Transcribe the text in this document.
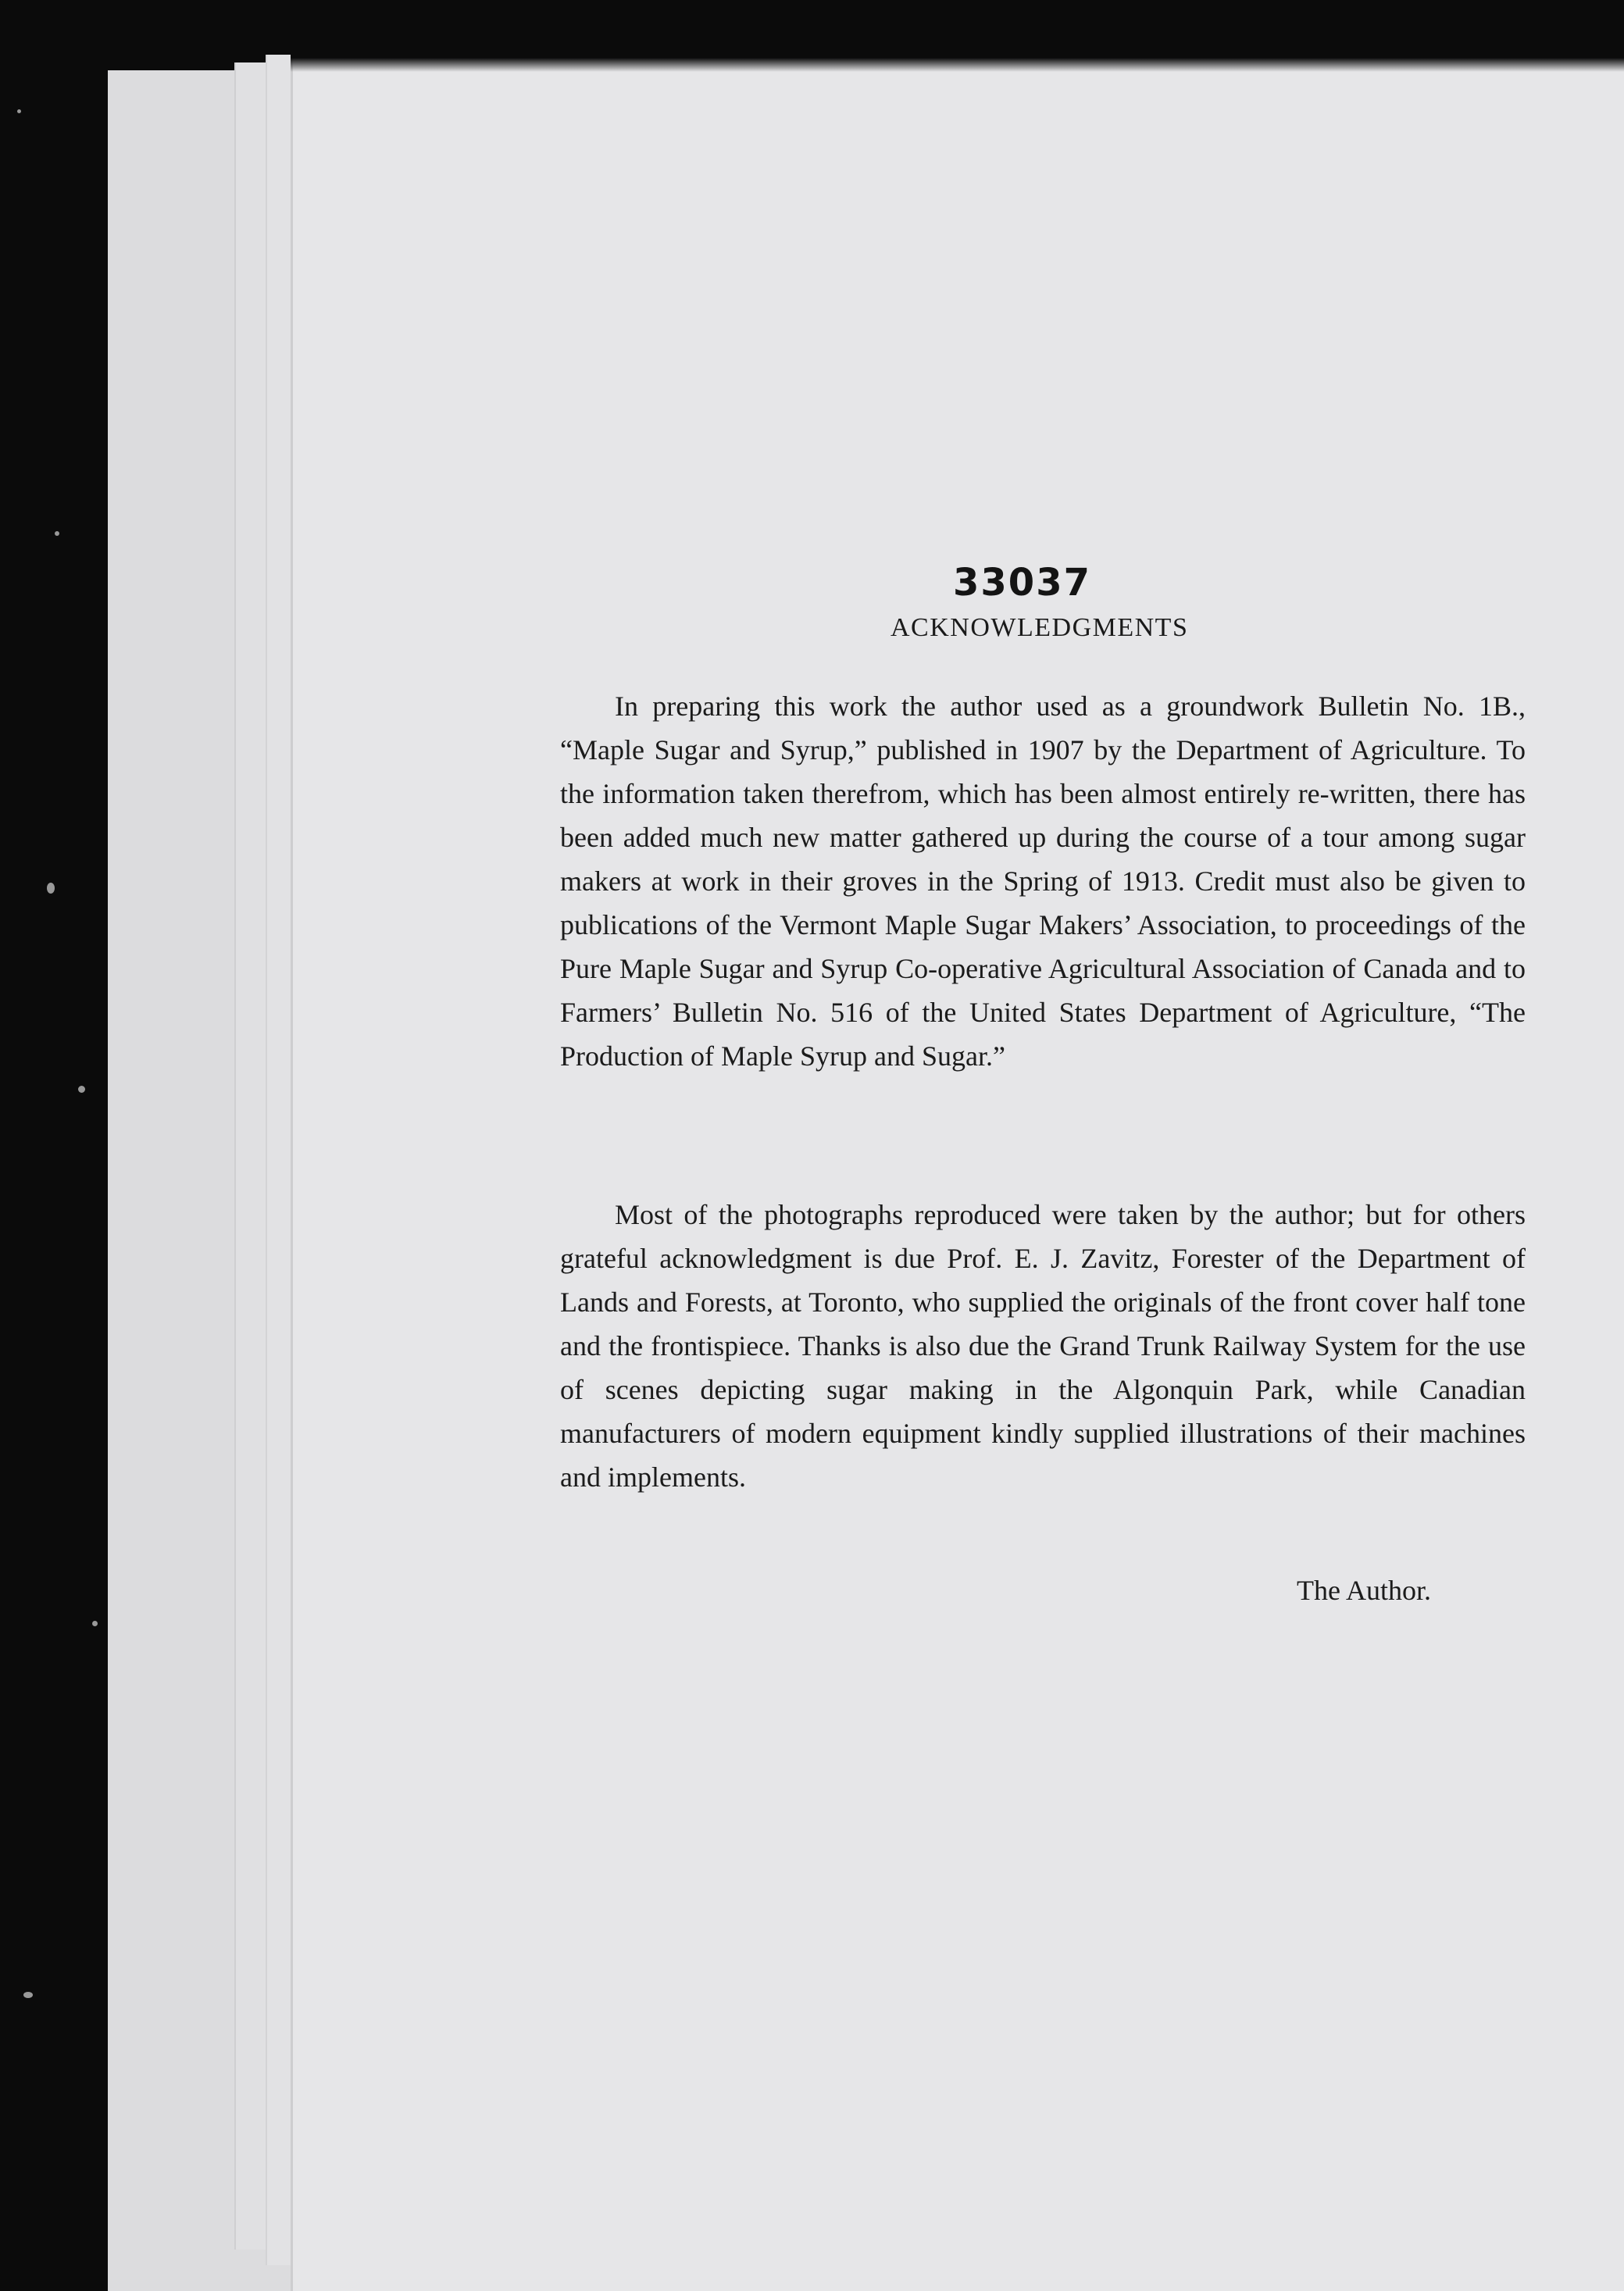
33037
ACKNOWLEDGMENTS

In preparing this work the author used as a groundwork Bulletin No. 1B., “Maple Sugar and Syrup,” published in 1907 by the Department of Agriculture. To the information taken therefrom, which has been almost entirely re-written, there has been added much new matter gathered up during the course of a tour among sugar makers at work in their groves in the Spring of 1913. Credit must also be given to publications of the Vermont Maple Sugar Makers’ Association, to proceedings of the Pure Maple Sugar and Syrup Co-operative Agricultural Association of Canada and to Farmers’ Bulletin No. 516 of the United States Department of Agriculture, “The Production of Maple Syrup and Sugar.”

Most of the photographs reproduced were taken by the author; but for others grateful acknowledgment is due Prof. E. J. Zavitz, Forester of the Department of Lands and Forests, at Toronto, who supplied the originals of the front cover half tone and the frontispiece. Thanks is also due the Grand Trunk Railway System for the use of scenes depicting sugar making in the Algonquin Park, while Canadian manufacturers of modern equipment kindly supplied illustrations of their machines and implements.

The Author.
